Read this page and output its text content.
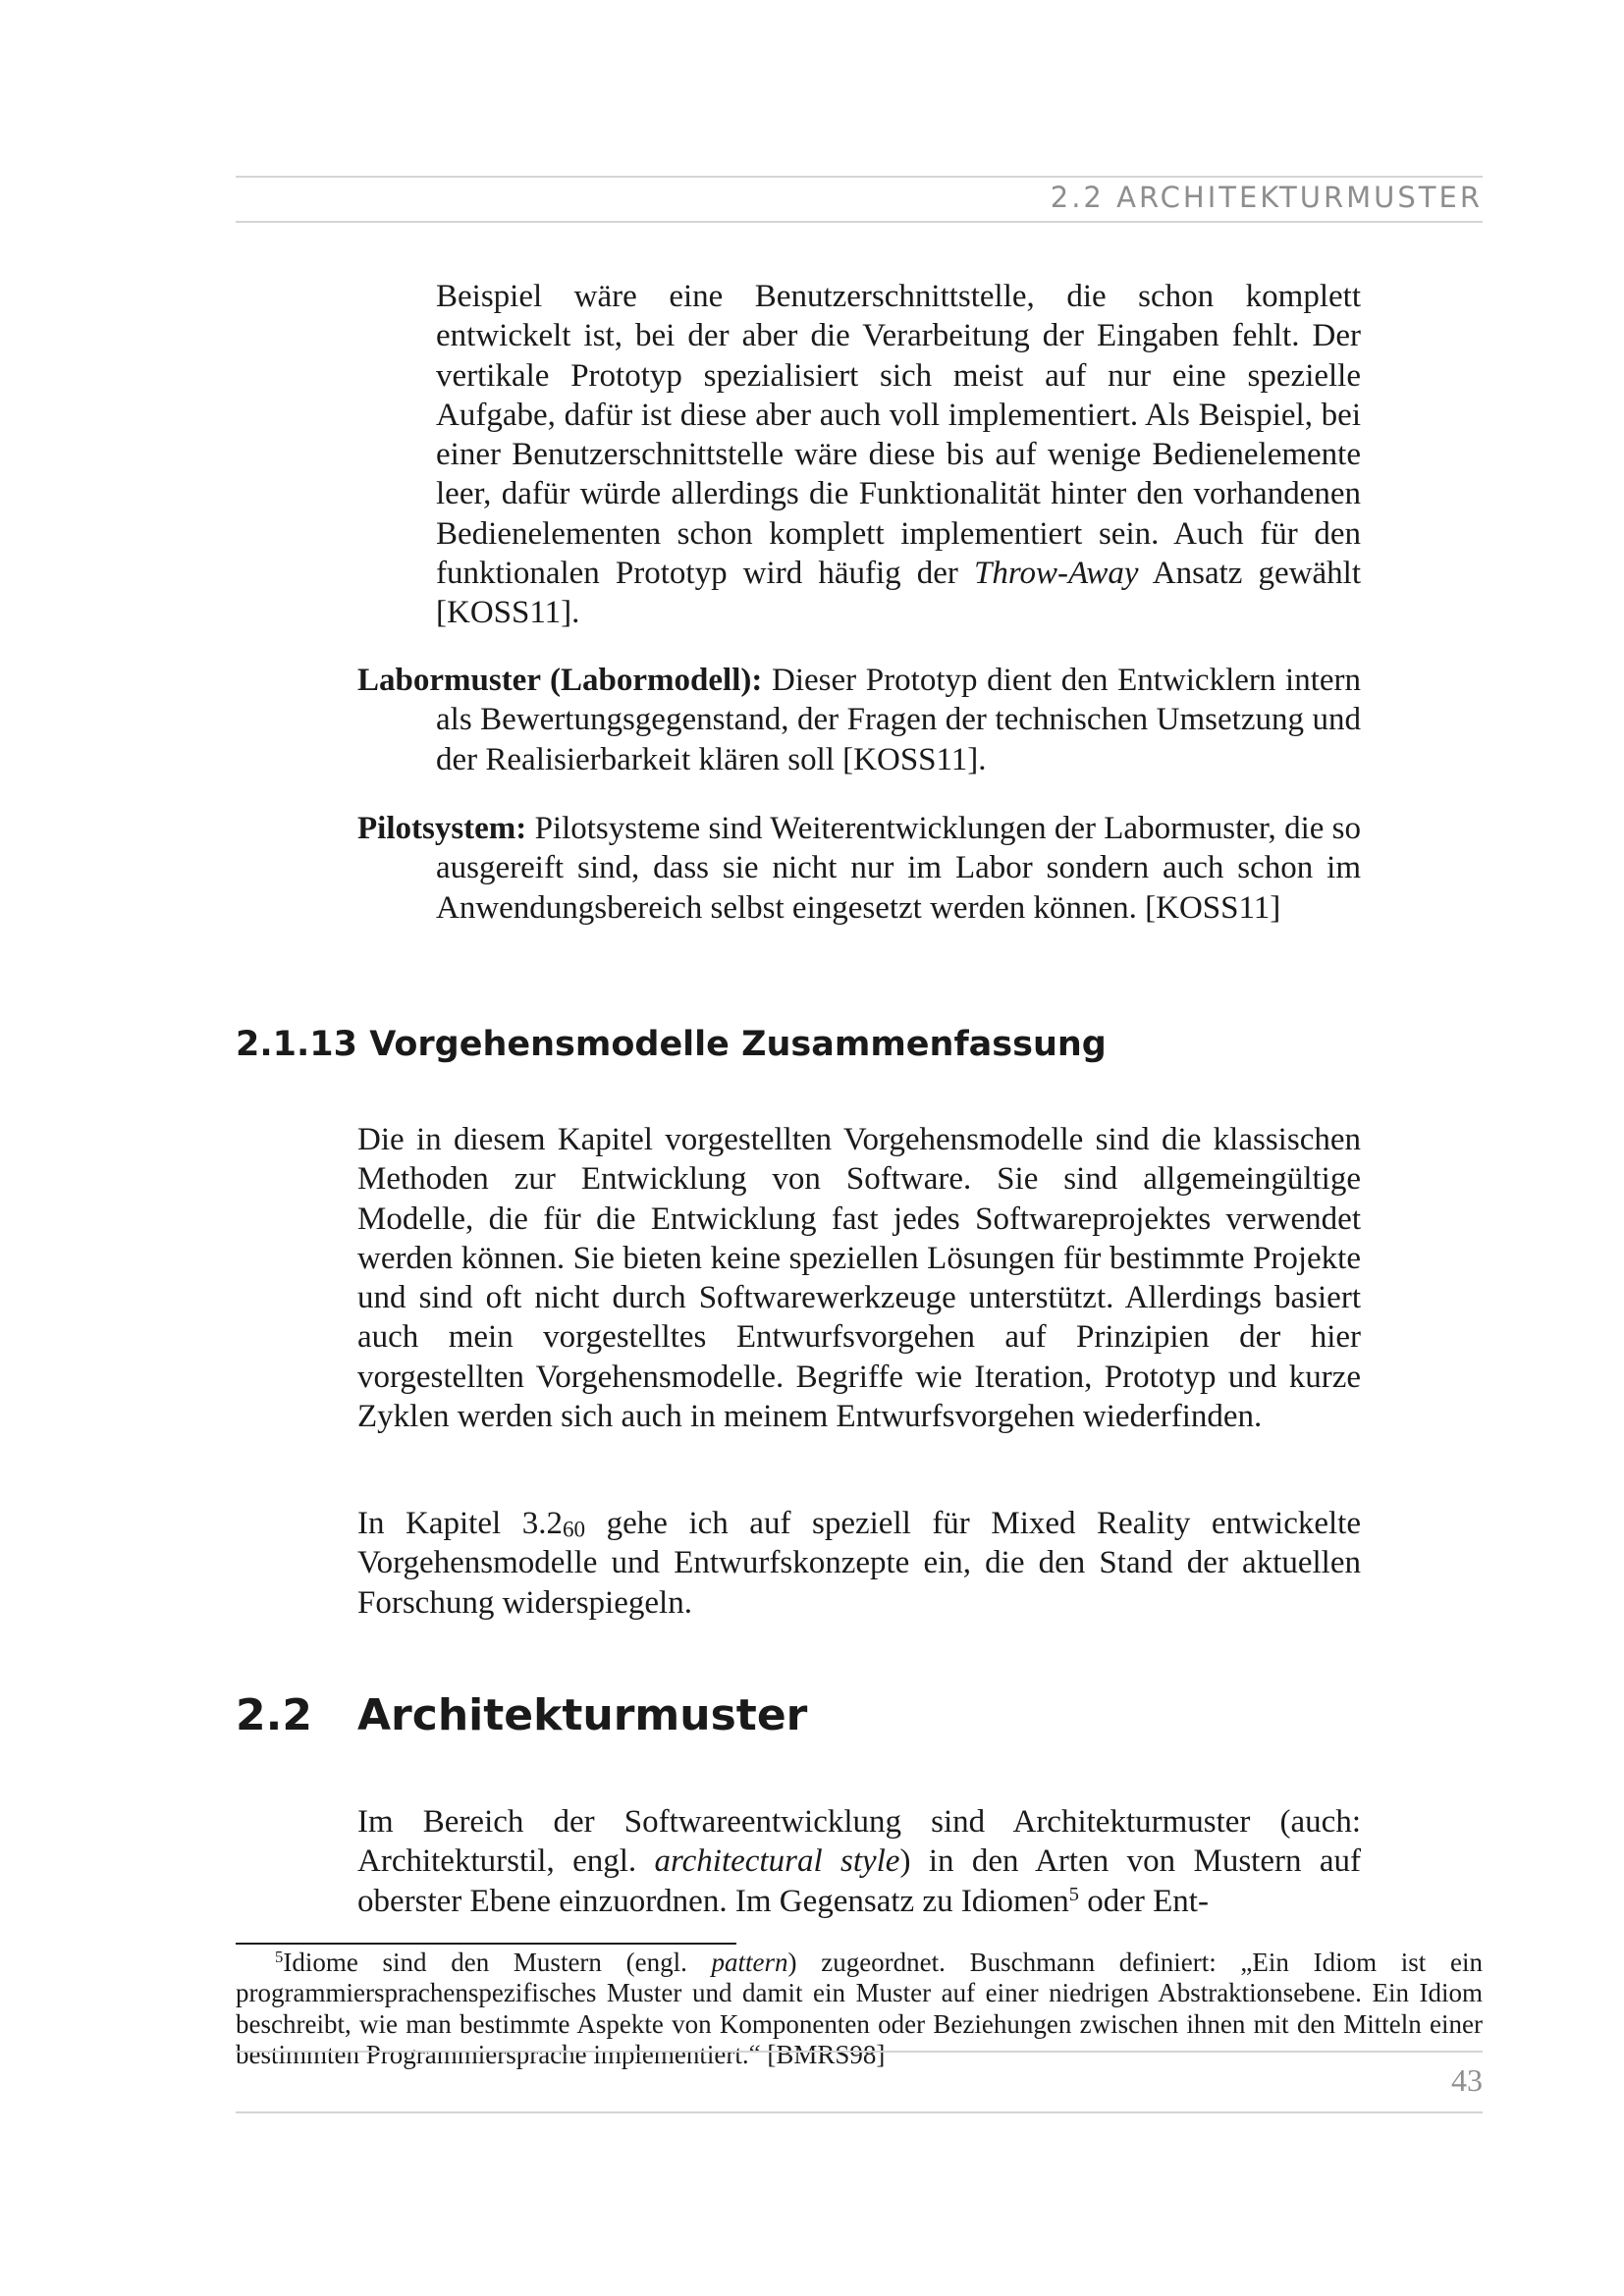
2.2 ARCHITEKTURMUSTER

Beispiel wäre eine Benutzerschnittstelle, die schon komplett entwickelt ist, bei der aber die Verarbeitung der Eingaben fehlt. Der vertikale Prototyp spezialisiert sich meist auf nur eine spezielle Aufgabe, dafür ist diese aber auch voll implementiert. Als Beispiel, bei einer Benutzerschnittstelle wäre diese bis auf wenige Bedienelemente leer, dafür würde allerdings die Funktionalität hinter den vorhandenen Bedienelementen schon komplett implementiert sein. Auch für den funktionalen Prototyp wird häufig der Throw-Away Ansatz gewählt [KOSS11].

Labormuster (Labormodell): Dieser Prototyp dient den Entwicklern intern als Bewertungsgegenstand, der Fragen der technischen Umsetzung und der Realisierbarkeit klären soll [KOSS11].

Pilotsystem: Pilotsysteme sind Weiterentwicklungen der Labormuster, die so ausgereift sind, dass sie nicht nur im Labor sondern auch schon im Anwendungsbereich selbst eingesetzt werden können. [KOSS11]

2.1.13 Vorgehensmodelle Zusammenfassung

Die in diesem Kapitel vorgestellten Vorgehensmodelle sind die klassischen Methoden zur Entwicklung von Software. Sie sind allgemeingültige Modelle, die für die Entwicklung fast jedes Softwareprojektes verwendet werden können. Sie bieten keine speziellen Lösungen für bestimmte Projekte und sind oft nicht durch Softwarewerkzeuge unterstützt. Allerdings basiert auch mein vorgestelltes Entwurfsvorgehen auf Prinzipien der hier vorgestellten Vorgehensmodelle. Begriffe wie Iteration, Prototyp und kurze Zyklen werden sich auch in meinem Entwurfsvorgehen wiederfinden.

In Kapitel $3.2_{60}$ gehe ich auf speziell für Mixed Reality entwickelte Vorgehensmodelle und Entwurfskonzepte ein, die den Stand der aktuellen Forschung widerspiegeln.

2.2 Architekturmuster

Im Bereich der Softwareentwicklung sind Architekturmuster (auch: Architekturstil, engl. architectural style) in den Arten von Mustern auf oberster Ebene einzuordnen. Im Gegensatz zu Idiomen$^5$ oder Ent-

$^5$Idiome sind den Mustern (engl. pattern) zugeordnet. Buschmann definiert: „Ein Idiom ist ein programmiersprachenspezifisches Muster und damit ein Muster auf einer niedrigen Abstraktionsebene. Ein Idiom beschreibt, wie man bestimmte Aspekte von Komponenten oder Beziehungen zwischen ihnen mit den Mitteln einer bestimmten Programmiersprache implementiert.“ [BMRS98]

43
